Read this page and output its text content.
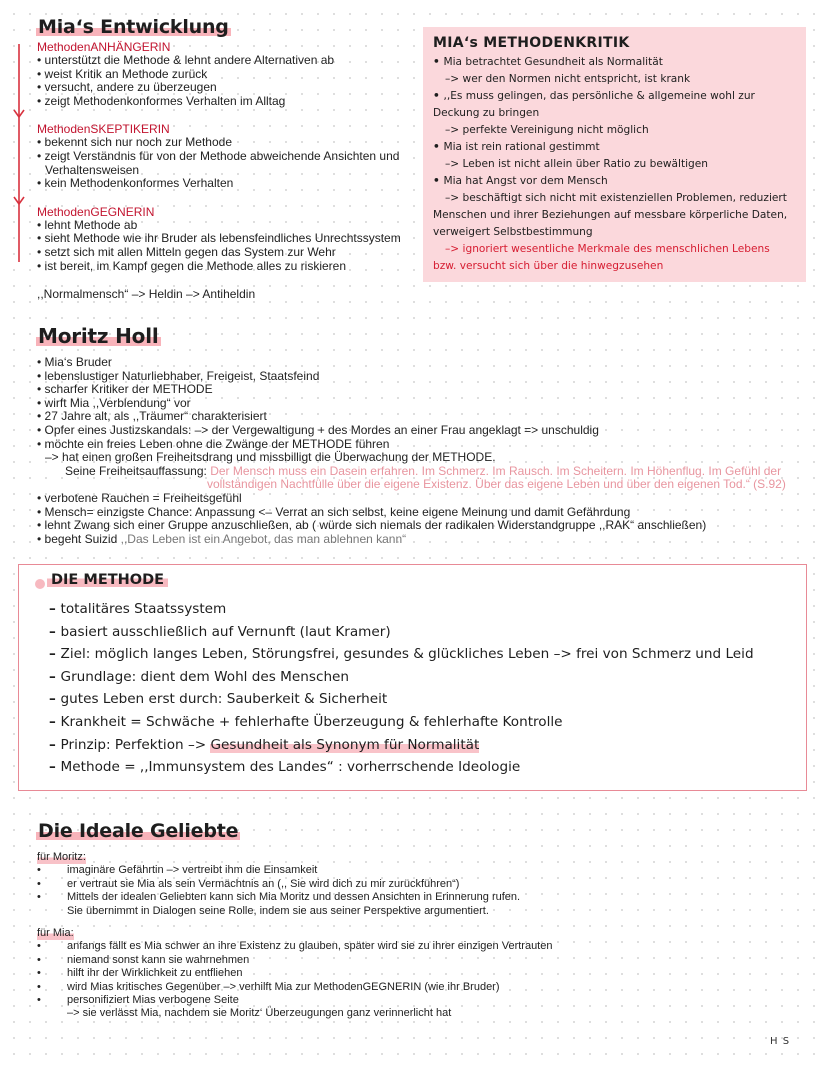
Mia‘s Entwicklung
MethodenANHÄNGERIN
• unterstützt die Methode & lehnt andere Alternativen ab
• weist Kritik an Methode zurück
• versucht, andere zu überzeugen
• zeigt Methodenkonformes Verhalten im Alltag
MethodenSKEPTIKERIN
• bekennt sich nur noch zur Methode
• zeigt Verständnis für von der Methode abweichende Ansichten und Verhaltensweisen
• kein Methodenkonformes Verhalten
MethodenGEGNERIN
• lehnt Methode ab
• sieht Methode wie ihr Bruder als lebensfeindliches Unrechtssystem
• setzt sich mit allen Mitteln gegen das System zur Wehr
• ist bereit, im Kampf gegen die Methode alles zu riskieren
,,Normalmensch“ –> Heldin –> Antiheldin
MIA‘s METHODENKRITIK
• Mia betrachtet Gesundheit als Normalität
–> wer den Normen nicht entspricht, ist krank
• ,,Es muss gelingen, das persönliche & allgemeine wohl zur
Deckung zu bringen
–> perfekte Vereinigung nicht möglich
• Mia ist rein rational gestimmt
–> Leben ist nicht allein über Ratio zu bewältigen
• Mia hat Angst vor dem Mensch
–> beschäftigt sich nicht mit existenziellen Problemen, reduziert
Menschen und ihrer Beziehungen auf messbare körperliche Daten,
verweigert Selbstbestimmung
–> ignoriert wesentliche Merkmale des menschlichen Lebens
bzw. versucht sich über die hinwegzusehen
Moritz Holl
• Mia‘s Bruder
• lebenslustiger Naturliebhaber, Freigeist, Staatsfeind
• scharfer Kritiker der METHODE
• wirft Mia ,,Verblendung“ vor
• 27 Jahre alt, als ,,Träumer“ charakterisiert
• Opfer eines Justizskandals: –> der Vergewaltigung + des Mordes an einer Frau angeklagt => unschuldig
• möchte ein freies Leben ohne die Zwänge der METHODE führen
–> hat einen großen Freiheitsdrang und missbilligt die Überwachung der METHODE.
Seine Freiheitsauffassung: Der Mensch muss ein Dasein erfahren. Im Schmerz. Im Rausch. Im Scheitern. Im Höhenflug. Im Gefühl der
vollständigen Nachtfülle über die eigene Existenz. Über das eigene Leben und über den eigenen Tod.“ (S.92)
• verbotene Rauchen = Freiheitsgefühl
• Mensch= einzigste Chance: Anpassung <– Verrat an sich selbst, keine eigene Meinung und damit Gefährdung
• lehnt Zwang sich einer Gruppe anzuschließen, ab ( würde sich niemals der radikalen Widerstandgruppe ,,RAK“ anschließen)
• begeht Suizid ,,Das Leben ist ein Angebot, das man ablehnen kann“
DIE METHODE
– totalitäres Staatssystem
– basiert ausschließlich auf Vernunft (laut Kramer)
– Ziel: möglich langes Leben, Störungsfrei, gesundes & glückliches Leben –> frei von Schmerz und Leid
– Grundlage: dient dem Wohl des Menschen
– gutes Leben erst durch: Sauberkeit & Sicherheit
– Krankheit = Schwäche + fehlerhafte Überzeugung & fehlerhafte Kontrolle
– Prinzip: Perfektion –> Gesundheit als Synonym für Normalität
– Methode = ,,Immunsystem des Landes“ : vorherrschende Ideologie
Die Ideale Geliebte
für Moritz:
•	imaginäre Gefährtin –> vertreibt ihm die Einsamkeit
•	er vertraut sie Mia als sein Vermächtnis an (,, Sie wird dich zu mir zurückführen“)
•	Mittels der idealen Geliebten kann sich Mia Moritz und dessen Ansichten in Erinnerung rufen.
Sie übernimmt in Dialogen seine Rolle, indem sie aus seiner Perspektive argumentiert.
für Mia:
•	anfangs fällt es Mia schwer an ihre Existenz zu glauben, später wird sie zu ihrer einzigen Vertrauten
•	niemand sonst kann sie wahrnehmen
•	hilft ihr der Wirklichkeit zu entfliehen
•	wird Mias kritisches Gegenüber –> verhilft Mia zur MethodenGEGNERIN (wie ihr Bruder)
•	personifiziert Mias verbogene Seite
–> sie verlässt Mia, nachdem sie Moritz‘ Überzeugungen ganz verinnerlicht hat
H S
